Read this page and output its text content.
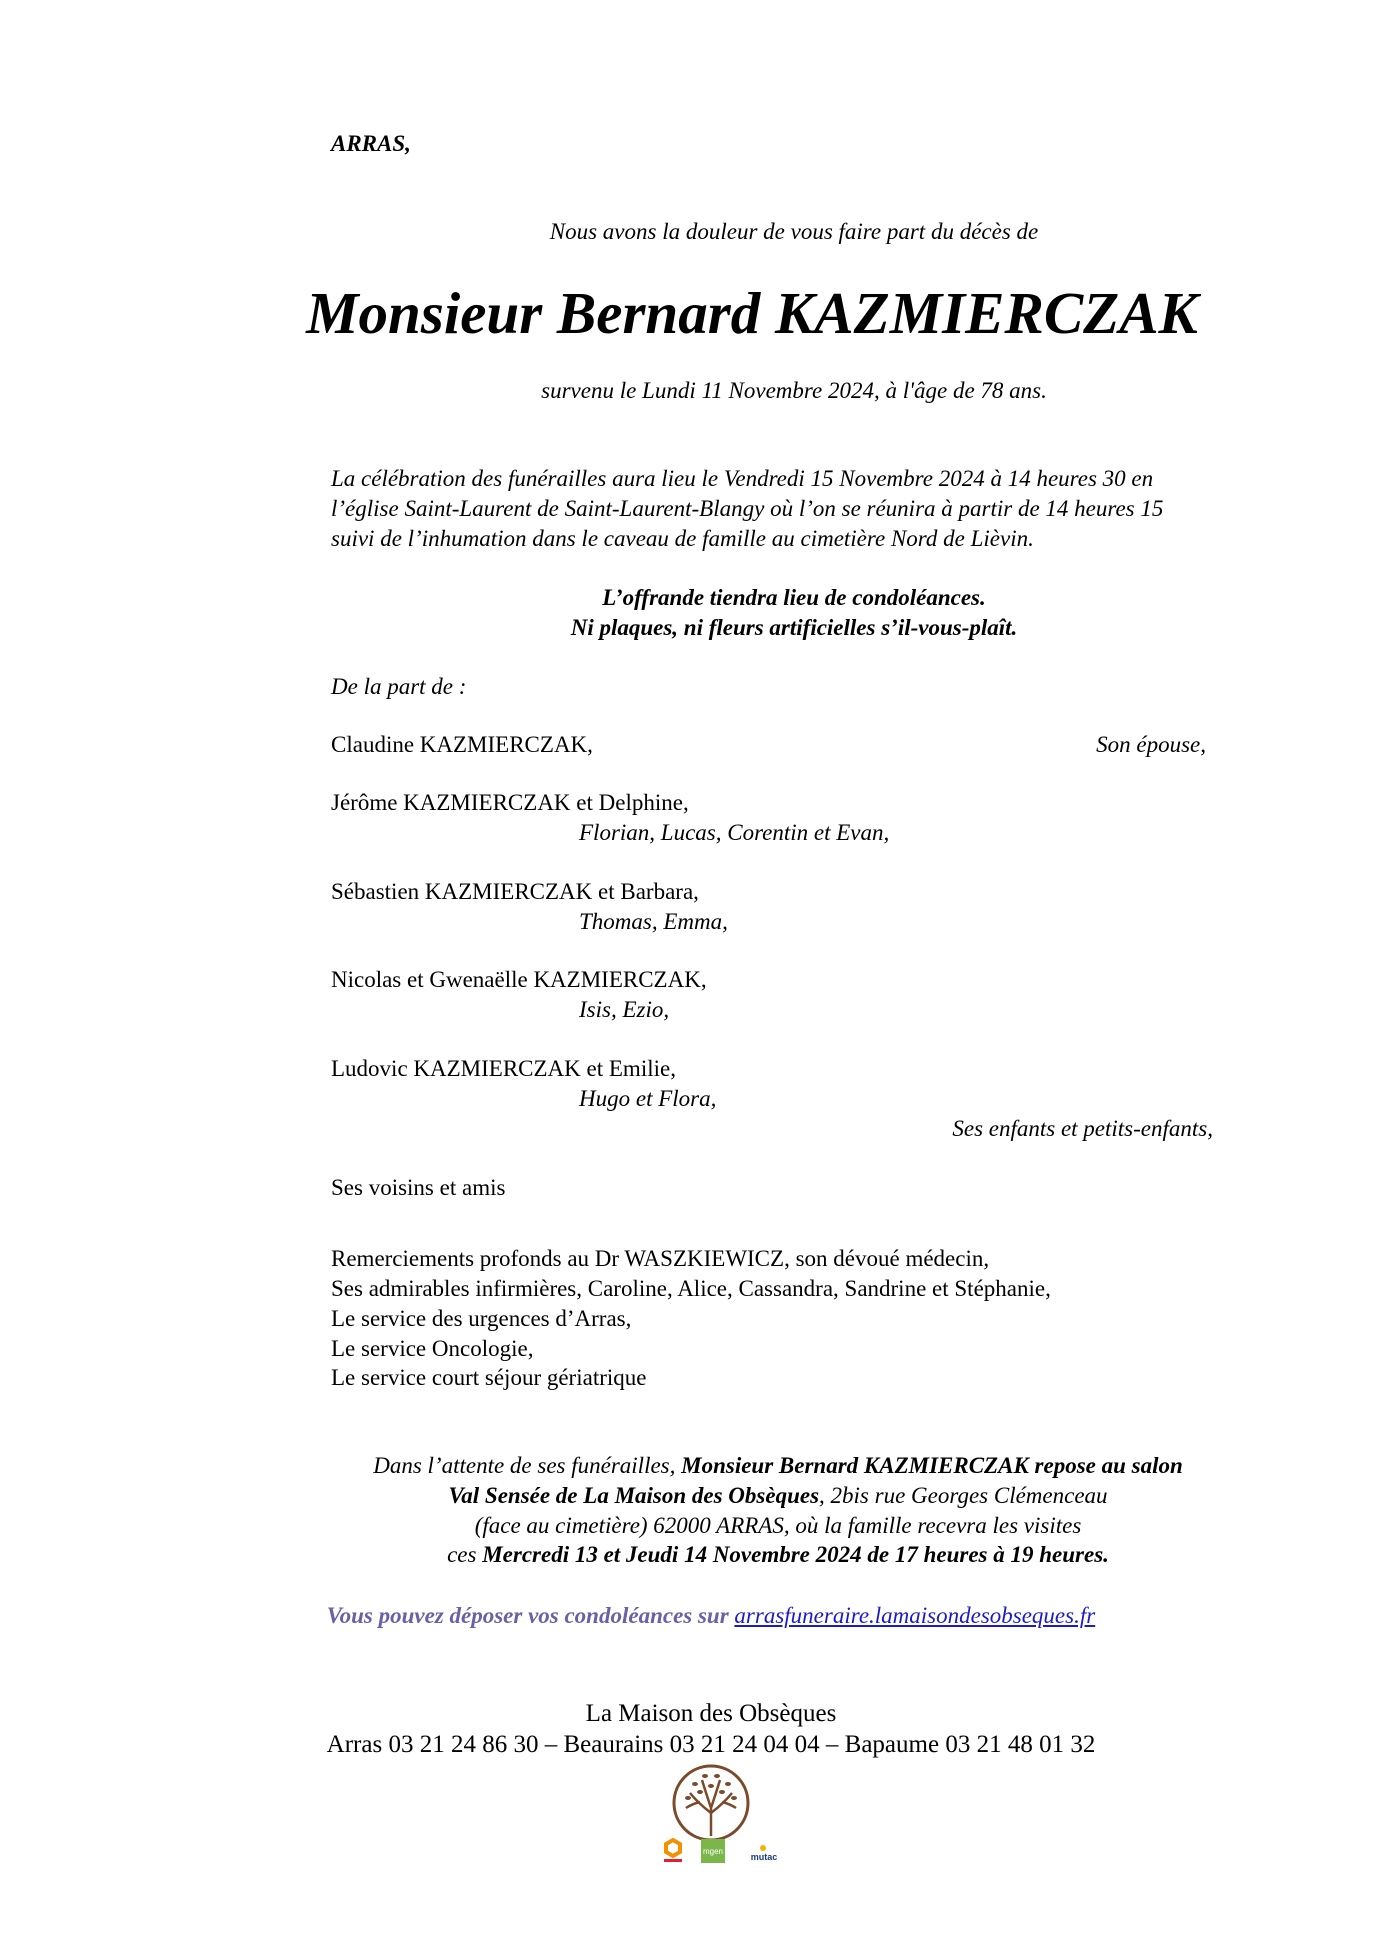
ARRAS,
Nous avons la douleur de vous faire part du décès de
Monsieur Bernard KAZMIERCZAK
survenu le Lundi 11 Novembre 2024, à l'âge de 78 ans.
La célébration des funérailles aura lieu le Vendredi 15 Novembre 2024 à 14 heures 30 en
l’église Saint-Laurent de Saint-Laurent-Blangy où l’on se réunira à partir de 14 heures 15
suivi de l’inhumation dans le caveau de famille au cimetière Nord de Lièvin.
L’offrande tiendra lieu de condoléances.
Ni plaques, ni fleurs artificielles s’il-vous-plaît.
De la part de :
Claudine KAZMIERCZAK,	Son épouse,
Jérôme KAZMIERCZAK et Delphine,
Florian, Lucas, Corentin et Evan,
Sébastien KAZMIERCZAK et Barbara,
Thomas, Emma,
Nicolas et Gwenaëlle KAZMIERCZAK,
Isis, Ezio,
Ludovic KAZMIERCZAK et Emilie,
Hugo et Flora,
Ses enfants et petits-enfants,
Ses voisins et amis
Remerciements profonds au Dr WASZKIEWICZ, son dévoué médecin,
Ses admirables infirmières, Caroline, Alice, Cassandra, Sandrine et Stéphanie,
Le service des urgences d’Arras,
Le service Oncologie,
Le service court séjour gériatrique
Dans l’attente de ses funérailles, Monsieur Bernard KAZMIERCZAK repose au salon
Val Sensée de La Maison des Obsèques, 2bis rue Georges Clémenceau
(face au cimetière) 62000 ARRAS, où la famille recevra les visites
ces Mercredi 13 et Jeudi 14 Novembre 2024 de 17 heures à 19 heures.
Vous pouvez déposer vos condoléances sur arrasfuneraire.lamaisondesobseques.fr
La Maison des Obsèques
Arras 03 21 24 86 30 – Beaurains 03 21 24 04 04 – Bapaume 03 21 48 01 32
mgen
mutac
